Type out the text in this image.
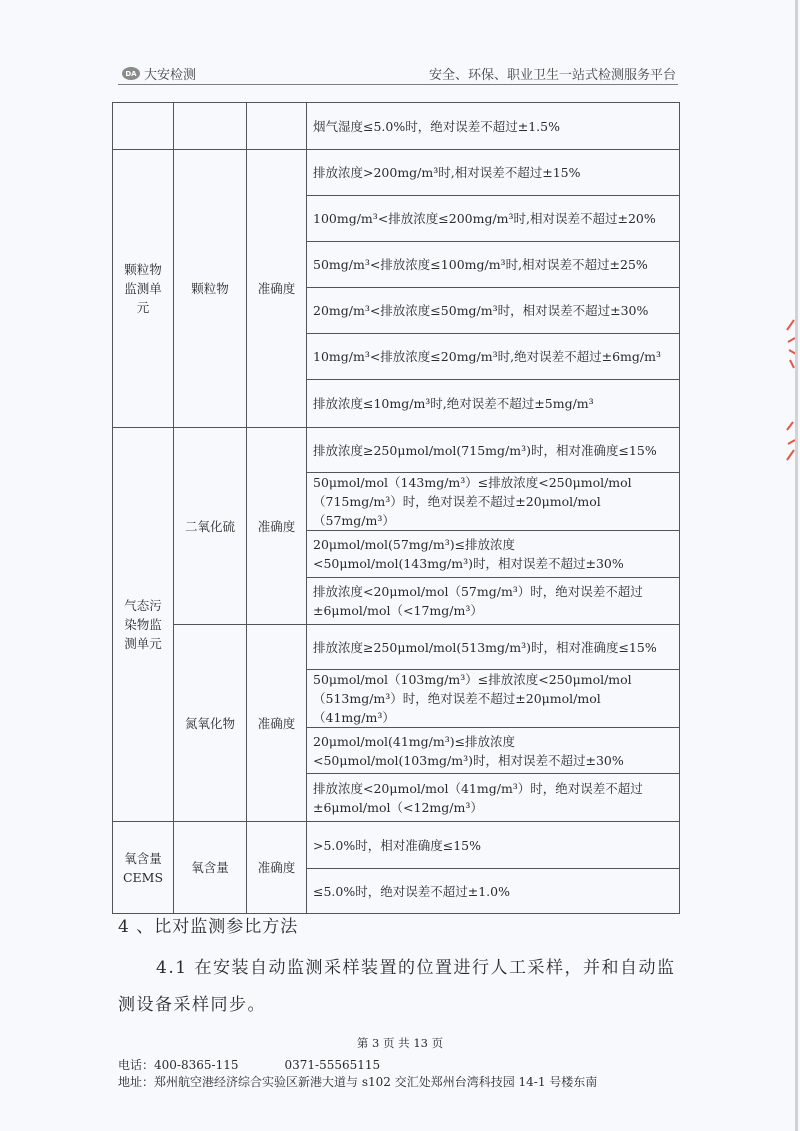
DA 大安检测	安全、环保、职业卫生一站式检测服务平台
			烟气湿度≤5.0%时，绝对误差不超过±1.5%
颗粒物监测单元	颗粒物	准确度	排放浓度>200mg/m³时,相对误差不超过±15%
			100mg/m³<排放浓度≤200mg/m³时,相对误差不超过±20%
			50mg/m³<排放浓度≤100mg/m³时,相对误差不超过±25%
			20mg/m³<排放浓度≤50mg/m³时，相对误差不超过±30%
			10mg/m³<排放浓度≤20mg/m³时,绝对误差不超过±6mg/m³
			排放浓度≤10mg/m³时,绝对误差不超过±5mg/m³
气态污染物监测单元	二氧化硫	准确度	排放浓度≥250μmol/mol(715mg/m³)时，相对准确度≤15%
			50μmol/mol（143mg/m³）≤排放浓度<250μmol/mol（715mg/m³）时，绝对误差不超过±20μmol/mol（57mg/m³）
			20μmol/mol(57mg/m³)≤排放浓度<50μmol/mol(143mg/m³)时，相对误差不超过±30%
			排放浓度<20μmol/mol（57mg/m³）时，绝对误差不超过±6μmol/mol（<17mg/m³）
	氮氧化物	准确度	排放浓度≥250μmol/mol(513mg/m³)时，相对准确度≤15%
			50μmol/mol（103mg/m³）≤排放浓度<250μmol/mol（513mg/m³）时，绝对误差不超过±20μmol/mol（41mg/m³）
			20μmol/mol(41mg/m³)≤排放浓度<50μmol/mol(103mg/m³)时，相对误差不超过±30%
			排放浓度<20μmol/mol（41mg/m³）时，绝对误差不超过±6μmol/mol（<12mg/m³）
氧含量CEMS	氧含量	准确度	>5.0%时，相对准确度≤15%
			≤5.0%时，绝对误差不超过±1.0%
4 、比对监测参比方法
4.1 在安装自动监测采样装置的位置进行人工采样，并和自动监测设备采样同步。
第 3 页 共 13 页
电话：400-8365-115	0371-55565115
地址：郑州航空港经济综合实验区新港大道与 s102 交汇处郑州台湾科技园 14-1 号楼东南
